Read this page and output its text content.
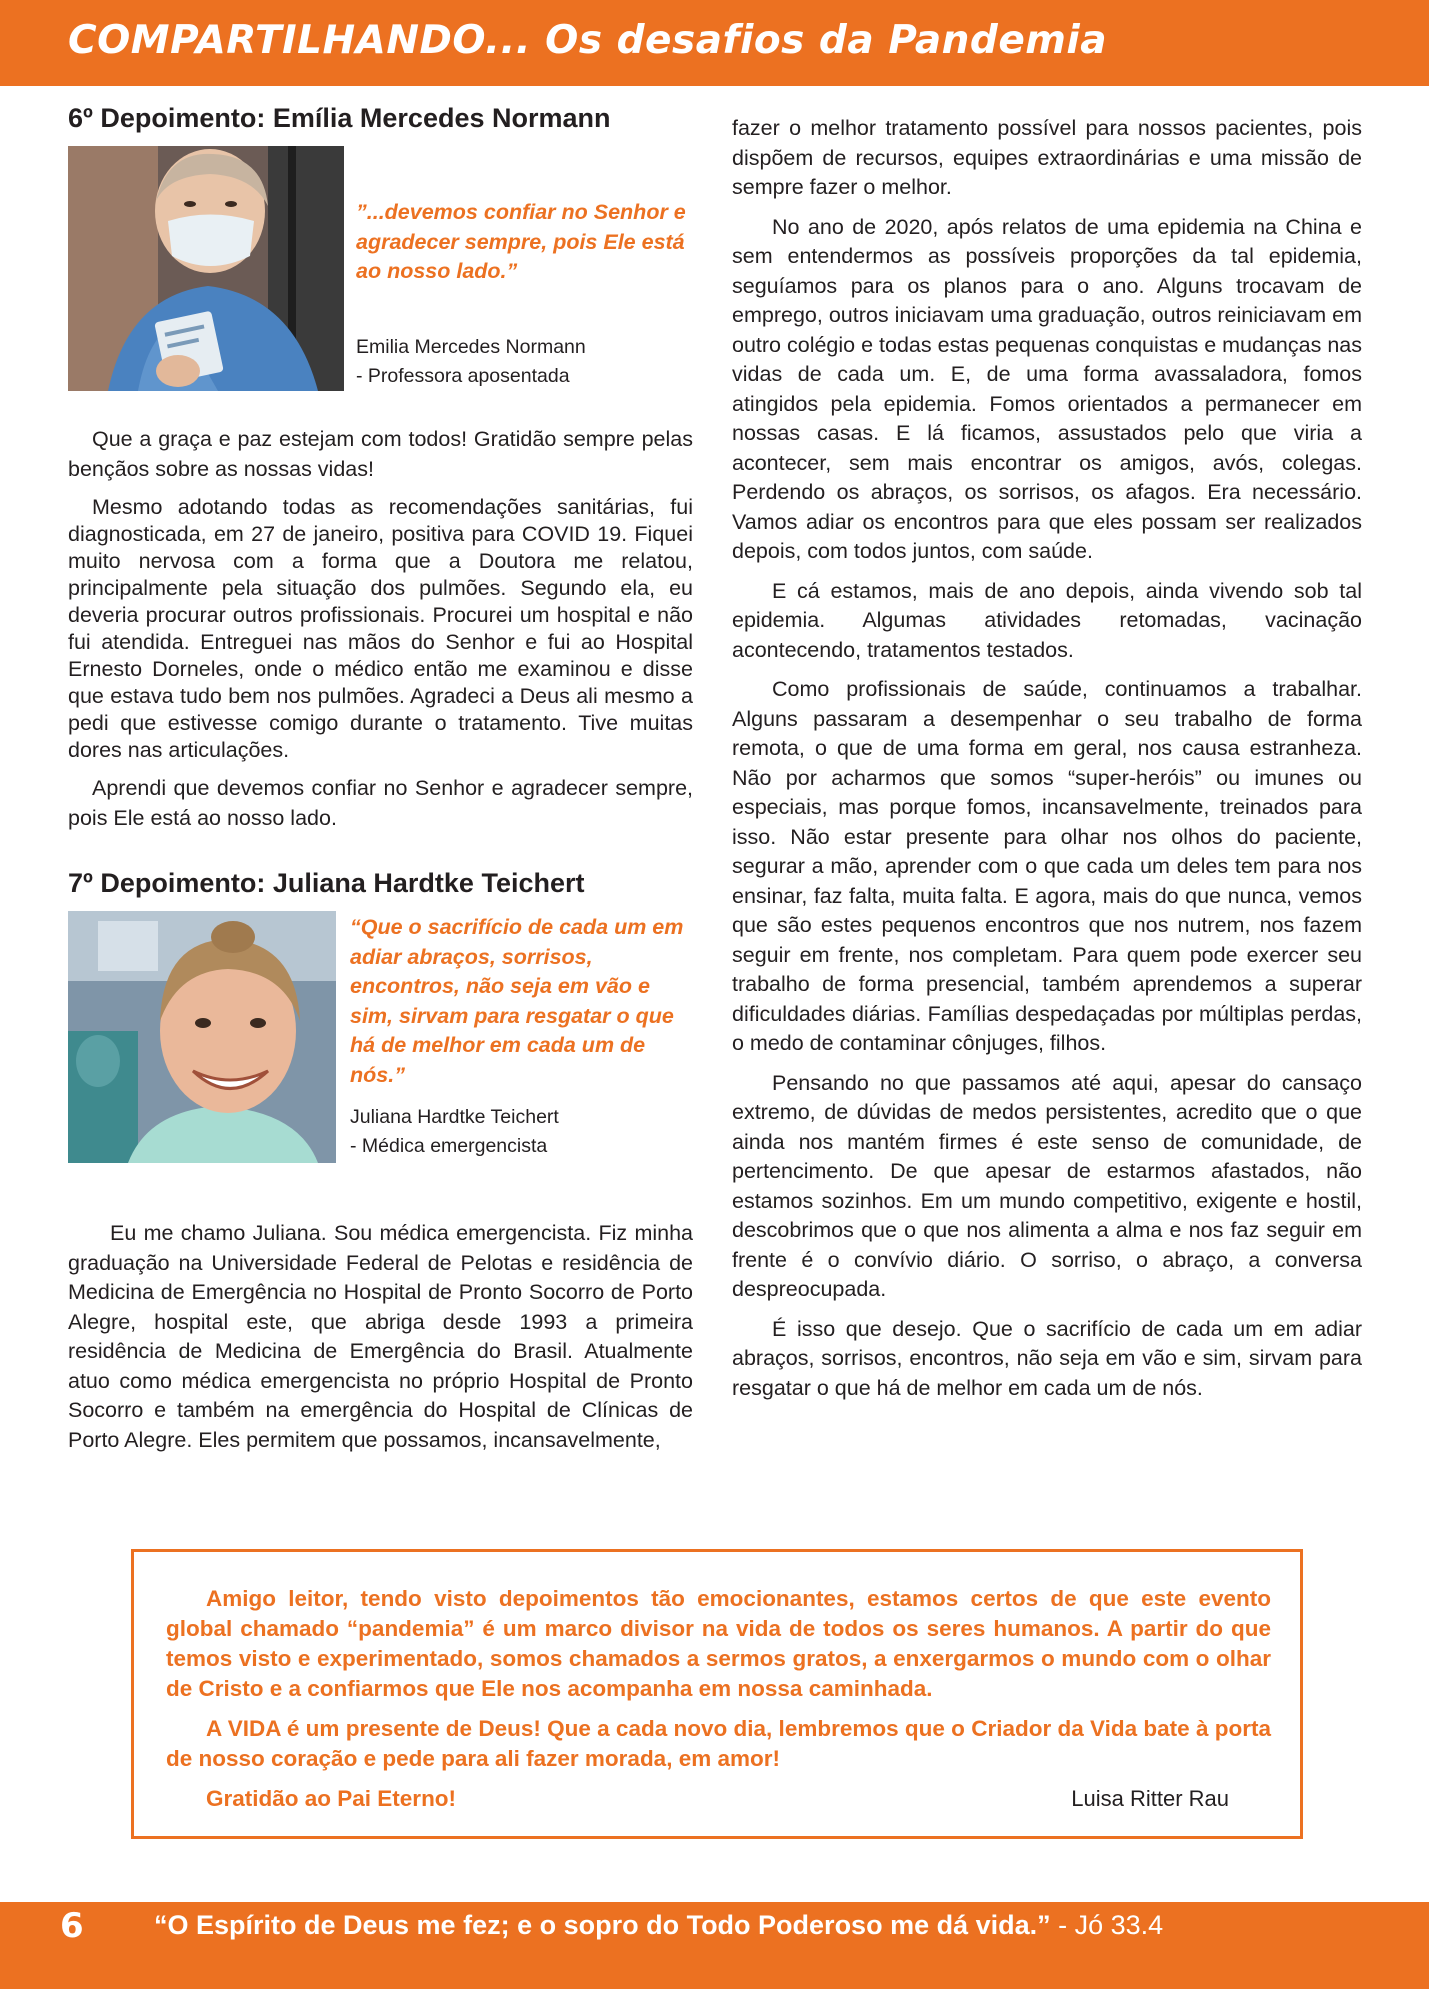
COMPARTILHANDO... Os desafios da Pandemia
6º Depoimento: Emília Mercedes Normann
”...devemos confiar no Senhor e agradecer sempre, pois Ele está ao nosso lado.”
Emilia Mercedes Normann
- Professora aposentada

Que a graça e paz estejam com todos! Gratidão sempre pelas bençãos sobre as nossas vidas!

Mesmo adotando todas as recomendações sanitárias, fui diagnosticada, em 27 de janeiro, positiva para COVID 19. Fiquei muito nervosa com a forma que a Doutora me relatou, principalmente pela situação dos pulmões. Segundo ela, eu deveria procurar outros profissionais. Procurei um hospital e não fui atendida. Entreguei nas mãos do Senhor e fui ao Hospital Ernesto Dorneles, onde o médico então me examinou e disse que estava tudo bem nos pulmões. Agradeci a Deus ali mesmo a pedi que estivesse comigo durante o tratamento. Tive muitas dores nas articulações.

Aprendi que devemos confiar no Senhor e agradecer sempre, pois Ele está ao nosso lado.

7º Depoimento: Juliana Hardtke Teichert
“Que o sacrifício de cada um em adiar abraços, sorrisos, encontros, não seja em vão e sim, sirvam para resgatar o que há de melhor em cada um de nós.”
Juliana Hardtke Teichert
- Médica emergencista

Eu me chamo Juliana. Sou médica emergencista. Fiz minha graduação na Universidade Federal de Pelotas e residência de Medicina de Emergência no Hospital de Pronto Socorro de Porto Alegre, hospital este, que abriga desde 1993 a primeira residência de Medicina de Emergência do Brasil. Atualmente atuo como médica emergencista no próprio Hospital de Pronto Socorro e também na emergência do Hospital de Clínicas de Porto Alegre. Eles permitem que possamos, incansavelmente,

fazer o melhor tratamento possível para nossos pacientes, pois dispõem de recursos, equipes extraordinárias e uma missão de sempre fazer o melhor.

No ano de 2020, após relatos de uma epidemia na China e sem entendermos as possíveis proporções da tal epidemia, seguíamos para os planos para o ano. Alguns trocavam de emprego, outros iniciavam uma graduação, outros reiniciavam em outro colégio e todas estas pequenas conquistas e mudanças nas vidas de cada um. E, de uma forma avassaladora, fomos atingidos pela epidemia. Fomos orientados a permanecer em nossas casas. E lá ficamos, assustados pelo que viria a acontecer, sem mais encontrar os amigos, avós, colegas. Perdendo os abraços, os sorrisos, os afagos. Era necessário. Vamos adiar os encontros para que eles possam ser realizados depois, com todos juntos, com saúde.

E cá estamos, mais de ano depois, ainda vivendo sob tal epidemia. Algumas atividades retomadas, vacinação acontecendo, tratamentos testados.

Como profissionais de saúde, continuamos a trabalhar. Alguns passaram a desempenhar o seu trabalho de forma remota, o que de uma forma em geral, nos causa estranheza. Não por acharmos que somos “super-heróis” ou imunes ou especiais, mas porque fomos, incansavelmente, treinados para isso. Não estar presente para olhar nos olhos do paciente, segurar a mão, aprender com o que cada um deles tem para nos ensinar, faz falta, muita falta. E agora, mais do que nunca, vemos que são estes pequenos encontros que nos nutrem, nos fazem seguir em frente, nos completam. Para quem pode exercer seu trabalho de forma presencial, também aprendemos a superar dificuldades diárias. Famílias despedaçadas por múltiplas perdas, o medo de contaminar cônjuges, filhos.

Pensando no que passamos até aqui, apesar do cansaço extremo, de dúvidas de medos persistentes, acredito que o que ainda nos mantém firmes é este senso de comunidade, de pertencimento. De que apesar de estarmos afastados, não estamos sozinhos. Em um mundo competitivo, exigente e hostil, descobrimos que o que nos alimenta a alma e nos faz seguir em frente é o convívio diário. O sorriso, o abraço, a conversa despreocupada.

É isso que desejo. Que o sacrifício de cada um em adiar abraços, sorrisos, encontros, não seja em vão e sim, sirvam para resgatar o que há de melhor em cada um de nós.

Amigo leitor, tendo visto depoimentos tão emocionantes, estamos certos de que este evento global chamado “pandemia” é um marco divisor na vida de todos os seres humanos. A partir do que temos visto e experimentado, somos chamados a sermos gratos, a enxergarmos o mundo com o olhar de Cristo e a confiarmos que Ele nos acompanha em nossa caminhada.

A VIDA é um presente de Deus! Que a cada novo dia, lembremos que o Criador da Vida bate à porta de nosso coração e pede para ali fazer morada, em amor!

Gratidão ao Pai Eterno!	Luisa Ritter Rau
6	“O Espírito de Deus me fez; e o sopro do Todo Poderoso me dá vida.” - Jó 33.4
